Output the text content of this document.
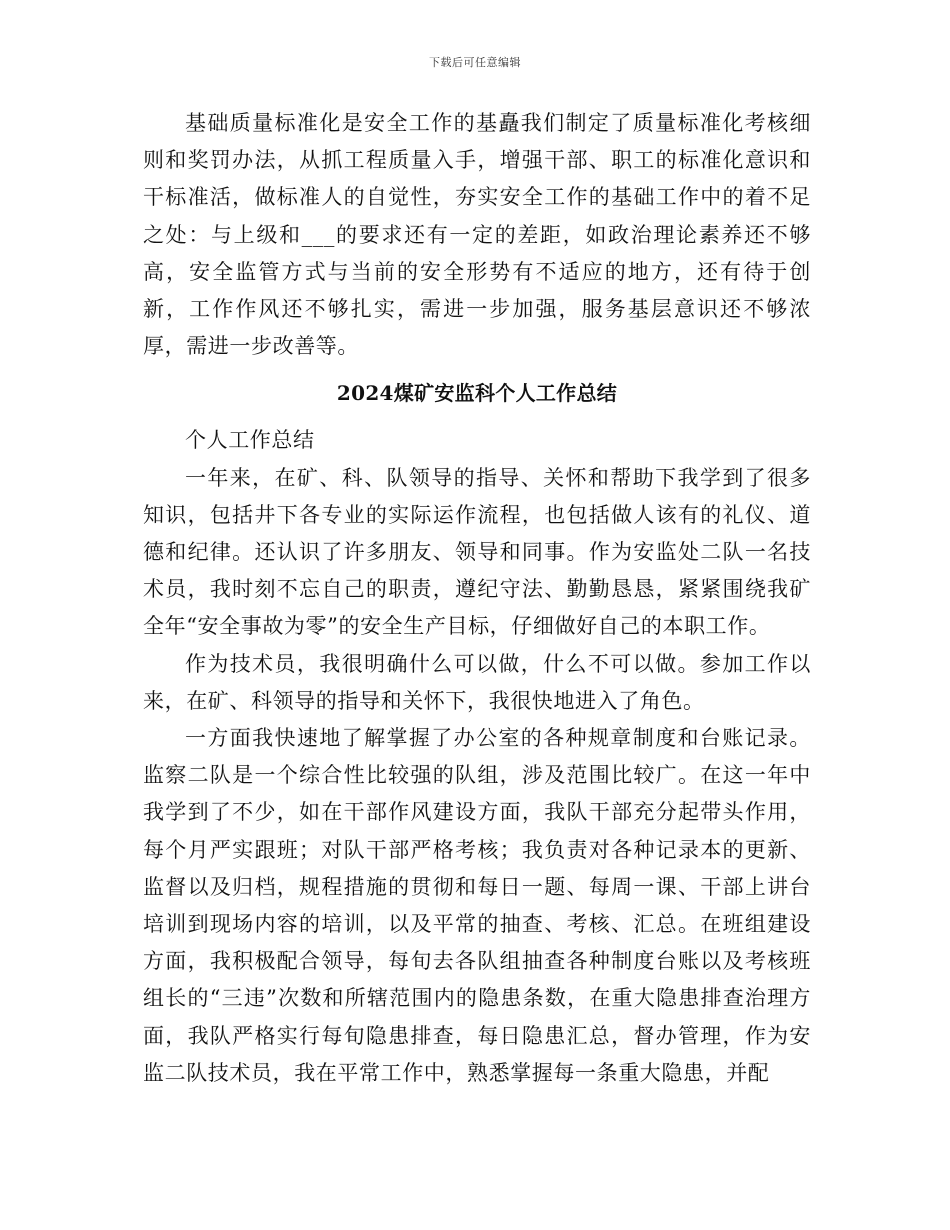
下载后可任意编辑

基础质量标准化是安全工作的基矗我们制定了质量标准化考核细则和奖罚办法，从抓工程质量入手，增强干部、职工的标准化意识和干标准活，做标准人的自觉性，夯实安全工作的基础工作中的着不足之处：与上级和___的要求还有一定的差距，如政治理论素养还不够高，安全监管方式与当前的安全形势有不适应的地方，还有待于创新，工作作风还不够扎实，需进一步加强，服务基层意识还不够浓厚，需进一步改善等。

2024煤矿安监科个人工作总结

个人工作总结

一年来，在矿、科、队领导的指导、关怀和帮助下我学到了很多知识，包括井下各专业的实际运作流程，也包括做人该有的礼仪、道德和纪律。还认识了许多朋友、领导和同事。作为安监处二队一名技术员，我时刻不忘自己的职责，遵纪守法、勤勤恳恳，紧紧围绕我矿全年“安全事故为零”的安全生产目标，仔细做好自己的本职工作。

作为技术员，我很明确什么可以做，什么不可以做。参加工作以来，在矿、科领导的指导和关怀下，我很快地进入了角色。

一方面我快速地了解掌握了办公室的各种规章制度和台账记录。监察二队是一个综合性比较强的队组，涉及范围比较广。在这一年中我学到了不少，如在干部作风建设方面，我队干部充分起带头作用，每个月严实跟班；对队干部严格考核；我负责对各种记录本的更新、监督以及归档，规程措施的贯彻和每日一题、每周一课、干部上讲台培训到现场内容的培训，以及平常的抽查、考核、汇总。在班组建设方面，我积极配合领导，每旬去各队组抽查各种制度台账以及考核班组长的“三违”次数和所辖范围内的隐患条数，在重大隐患排查治理方面，我队严格实行每旬隐患排查，每日隐患汇总，督办管理，作为安监二队技术员，我在平常工作中，熟悉掌握每一条重大隐患，并配
